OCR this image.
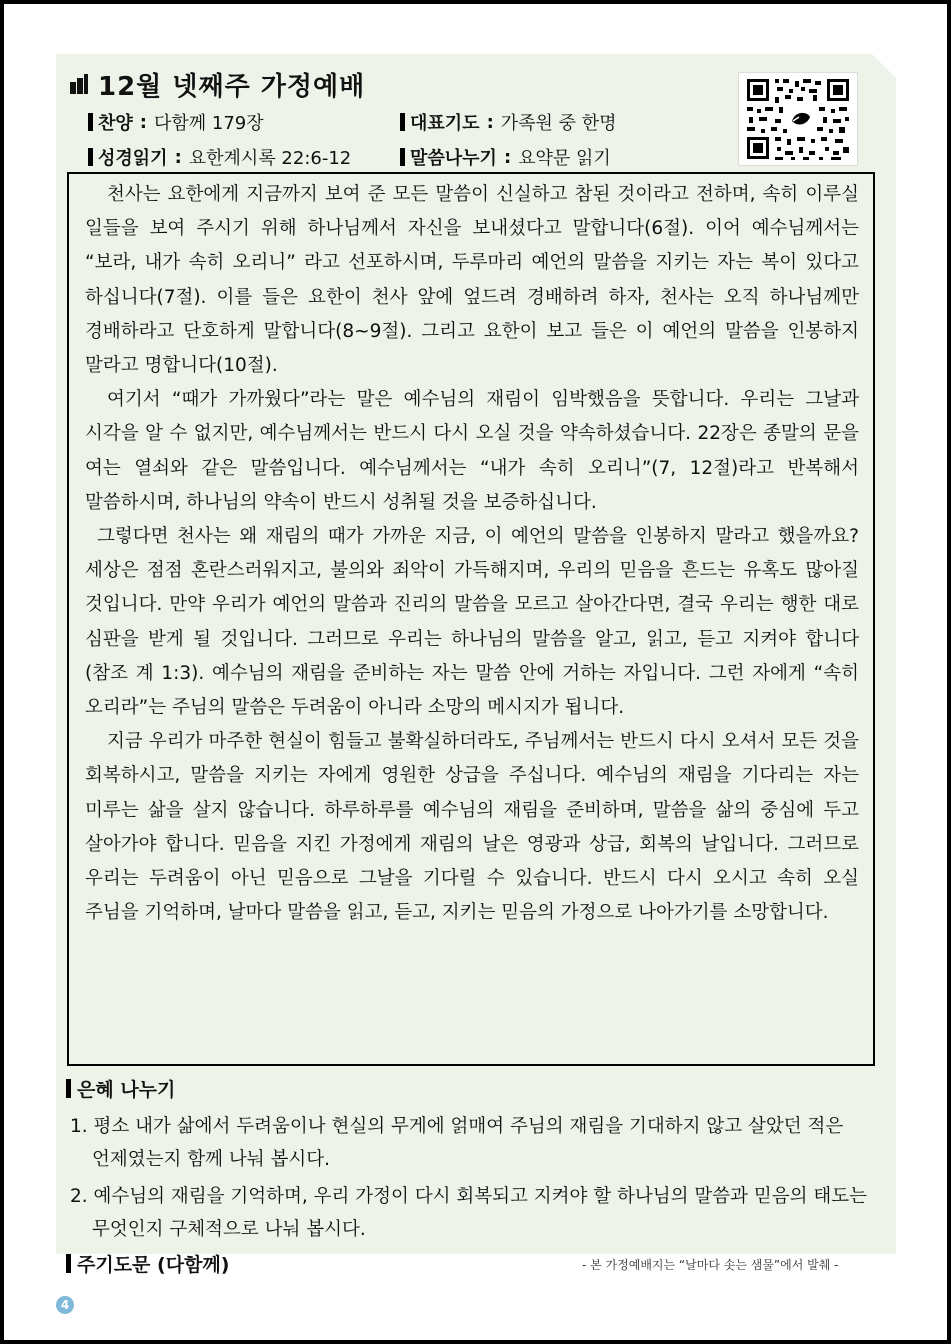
12월 넷째주 가정예배
찬양 : 다함께 179장	대표기도 : 가족원 중 한명
성경읽기 : 요한계시록 22:6-12	말씀나누기 : 요약문 읽기

천사는 요한에게 지금까지 보여 준 모든 말씀이 신실하고 참된 것이라고 전하며, 속히 이루실 일들을 보여 주시기 위해 하나님께서 자신을 보내셨다고 말합니다(6절). 이어 예수님께서는 “보라, 내가 속히 오리니” 라고 선포하시며, 두루마리 예언의 말씀을 지키는 자는 복이 있다고 하십니다(7절). 이를 들은 요한이 천사 앞에 엎드려 경배하려 하자, 천사는 오직 하나님께만 경배하라고 단호하게 말합니다(8~9절). 그리고 요한이 보고 들은 이 예언의 말씀을 인봉하지 말라고 명합니다(10절).

여기서 “때가 가까웠다”라는 말은 예수님의 재림이 임박했음을 뜻합니다. 우리는 그날과 시각을 알 수 없지만, 예수님께서는 반드시 다시 오실 것을 약속하셨습니다. 22장은 종말의 문을 여는 열쇠와 같은 말씀입니다. 예수님께서는 “내가 속히 오리니”(7, 12절)라고 반복해서 말씀하시며, 하나님의 약속이 반드시 성취될 것을 보증하십니다.

그렇다면 천사는 왜 재림의 때가 가까운 지금, 이 예언의 말씀을 인봉하지 말라고 했을까요? 세상은 점점 혼란스러워지고, 불의와 죄악이 가득해지며, 우리의 믿음을 흔드는 유혹도 많아질 것입니다. 만약 우리가 예언의 말씀과 진리의 말씀을 모르고 살아간다면, 결국 우리는 행한 대로 심판을 받게 될 것입니다. 그러므로 우리는 하나님의 말씀을 알고, 읽고, 듣고 지켜야 합니다(참조 계 1:3). 예수님의 재림을 준비하는 자는 말씀 안에 거하는 자입니다. 그런 자에게 “속히 오리라”는 주님의 말씀은 두려움이 아니라 소망의 메시지가 됩니다.

지금 우리가 마주한 현실이 힘들고 불확실하더라도, 주님께서는 반드시 다시 오셔서 모든 것을 회복하시고, 말씀을 지키는 자에게 영원한 상급을 주십니다. 예수님의 재림을 기다리는 자는 미루는 삶을 살지 않습니다. 하루하루를 예수님의 재림을 준비하며, 말씀을 삶의 중심에 두고 살아가야 합니다. 믿음을 지킨 가정에게 재림의 날은 영광과 상급, 회복의 날입니다. 그러므로 우리는 두려움이 아닌 믿음으로 그날을 기다릴 수 있습니다. 반드시 다시 오시고 속히 오실 주님을 기억하며, 날마다 말씀을 읽고, 듣고, 지키는 믿음의 가정으로 나아가기를 소망합니다.

은혜 나누기
1. 평소 내가 삶에서 두려움이나 현실의 무게에 얽매여 주님의 재림을 기대하지 않고 살았던 적은 언제였는지 함께 나눠 봅시다.
2. 예수님의 재림을 기억하며, 우리 가정이 다시 회복되고 지켜야 할 하나님의 말씀과 믿음의 태도는 무엇인지 구체적으로 나눠 봅시다.
주기도문 (다함께)	- 본 가정예배지는 “날마다 솟는 샘물”에서 발췌 -
4
